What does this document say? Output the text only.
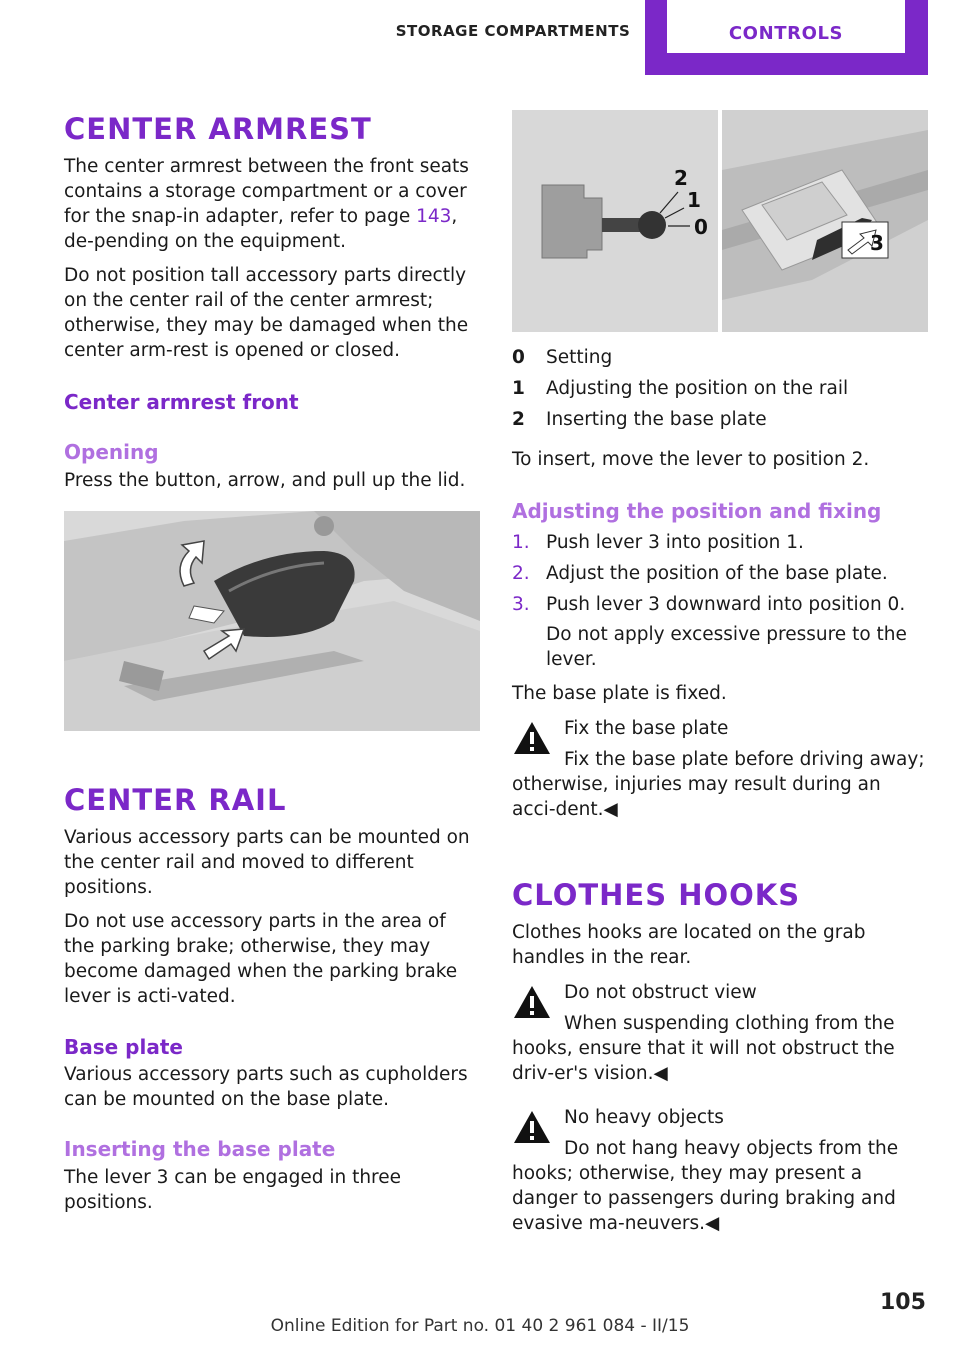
STORAGE COMPARTMENTS	CONTROLS
CENTER ARMREST

The center armrest between the front seats contains a storage compartment or a cover for the snap-in adapter, refer to page 143, de‐pending on the equipment.

Do not position tall accessory parts directly on the center rail of the center armrest; otherwise, they may be damaged when the center arm‐rest is opened or closed.

Center armrest front
Opening

Press the button, arrow, and pull up the lid.

CENTER RAIL

Various accessory parts can be mounted on the center rail and moved to different positions.

Do not use accessory parts in the area of the parking brake; otherwise, they may become damaged when the parking brake lever is acti‐vated.

Base plate

Various accessory parts such as cupholders can be mounted on the base plate.

Inserting the base plate

The lever 3 can be engaged in three positions.

2
1
0
3
0	Setting
1	Adjusting the position on the rail
2	Inserting the base plate

To insert, move the lever to position 2.

Adjusting the position and fixing
1. Push lever 3 into position 1.
2. Adjust the position of the base plate.
3. Push lever 3 downward into position 0.

Do not apply excessive pressure to the lever.

The base plate is fixed.

Fix the base plate

Fix the base plate before driving away;

otherwise, injuries may result during an acci‐dent.◀

CLOTHES HOOKS

Clothes hooks are located on the grab handles in the rear.

Do not obstruct view

When suspending clothing from the

hooks, ensure that it will not obstruct the driv‐er's vision.◀

No heavy objects

Do not hang heavy objects from the

hooks; otherwise, they may present a danger to passengers during braking and evasive ma‐neuvers.◀

105
Online Edition for Part no. 01 40 2 961 084 - II/15
